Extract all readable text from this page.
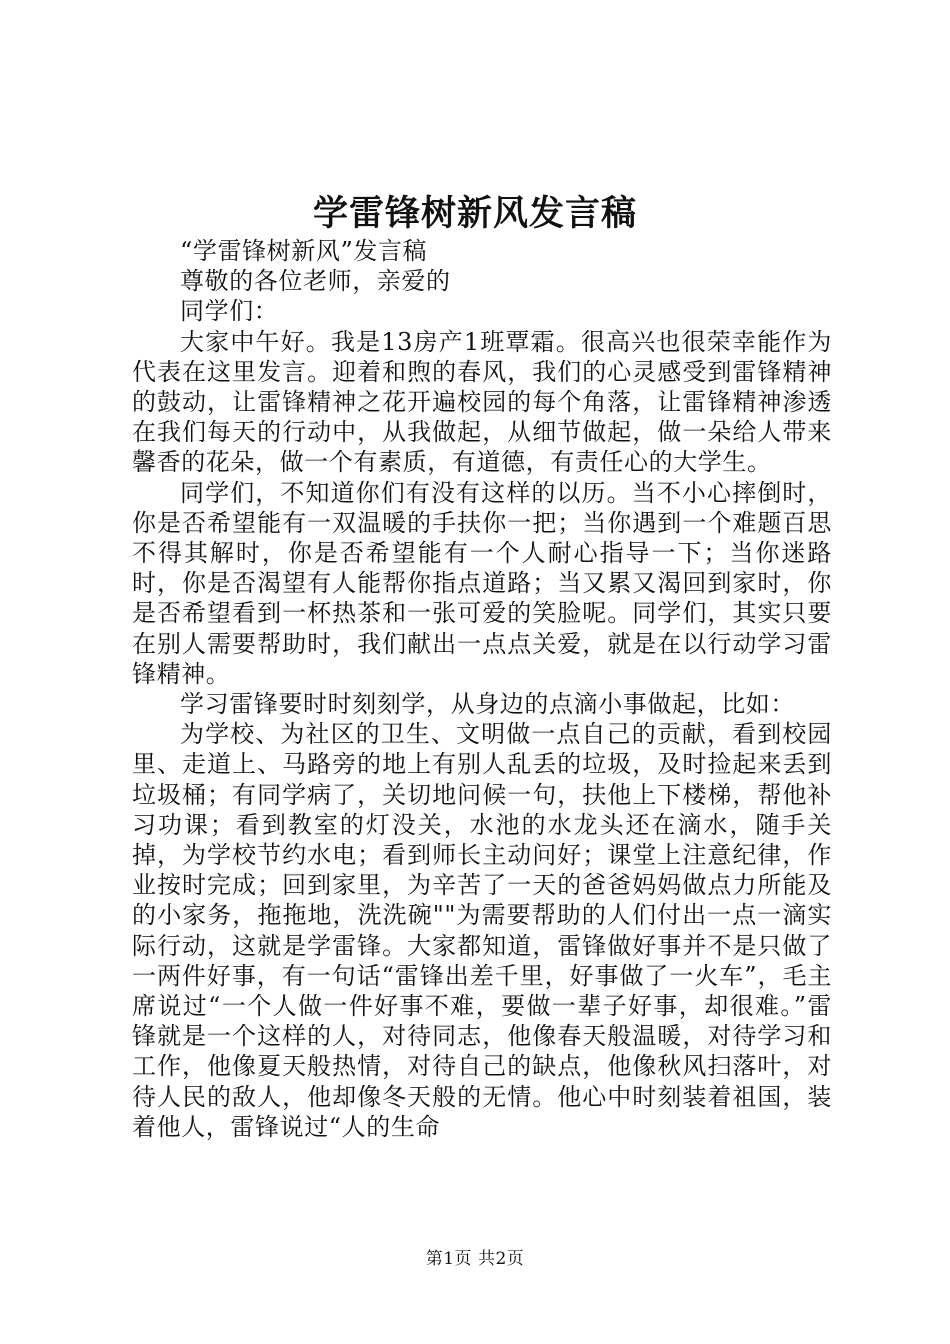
学雷锋树新风发言稿

“学雷锋树新风”发言稿

尊敬的各位老师，亲爱的

同学们：

大家中午好。我是13房产1班覃霜。很高兴也很荣幸能作为代表在这里发言。迎着和煦的春风，我们的心灵感受到雷锋精神的鼓动，让雷锋精神之花开遍校园的每个角落，让雷锋精神渗透在我们每天的行动中，从我做起，从细节做起，做一朵给人带来馨香的花朵，做一个有素质，有道德，有责任心的大学生。

同学们，不知道你们有没有这样的以历。当不小心摔倒时，你是否希望能有一双温暖的手扶你一把；当你遇到一个难题百思不得其解时，你是否希望能有一个人耐心指导一下；当你迷路时，你是否渴望有人能帮你指点道路；当又累又渴回到家时，你是否希望看到一杯热茶和一张可爱的笑脸呢。同学们，其实只要在别人需要帮助时，我们献出一点点关爱，就是在以行动学习雷锋精神。

学习雷锋要时时刻刻学，从身边的点滴小事做起，比如：

为学校、为社区的卫生、文明做一点自己的贡献，看到校园里、走道上、马路旁的地上有别人乱丢的垃圾，及时捡起来丢到垃圾桶；有同学病了，关切地问候一句，扶他上下楼梯，帮他补习功课；看到教室的灯没关，水池的水龙头还在滴水，随手关掉，为学校节约水电；看到师长主动问好；课堂上注意纪律，作业按时完成；回到家里，为辛苦了一天的爸爸妈妈做点力所能及的小家务，拖拖地，洗洗碗""为需要帮助的人们付出一点一滴实际行动，这就是学雷锋。大家都知道，雷锋做好事并不是只做了一两件好事，有一句话“雷锋出差千里，好事做了一火车”，毛主席说过“一个人做一件好事不难，要做一辈子好事，却很难。”雷锋就是一个这样的人，对待同志，他像春天般温暖，对待学习和工作，他像夏天般热情，对待自己的缺点，他像秋风扫落叶，对待人民的敌人，他却像冬天般的无情。他心中时刻装着祖国，装着他人，雷锋说过“人的生命

第1页 共2页
